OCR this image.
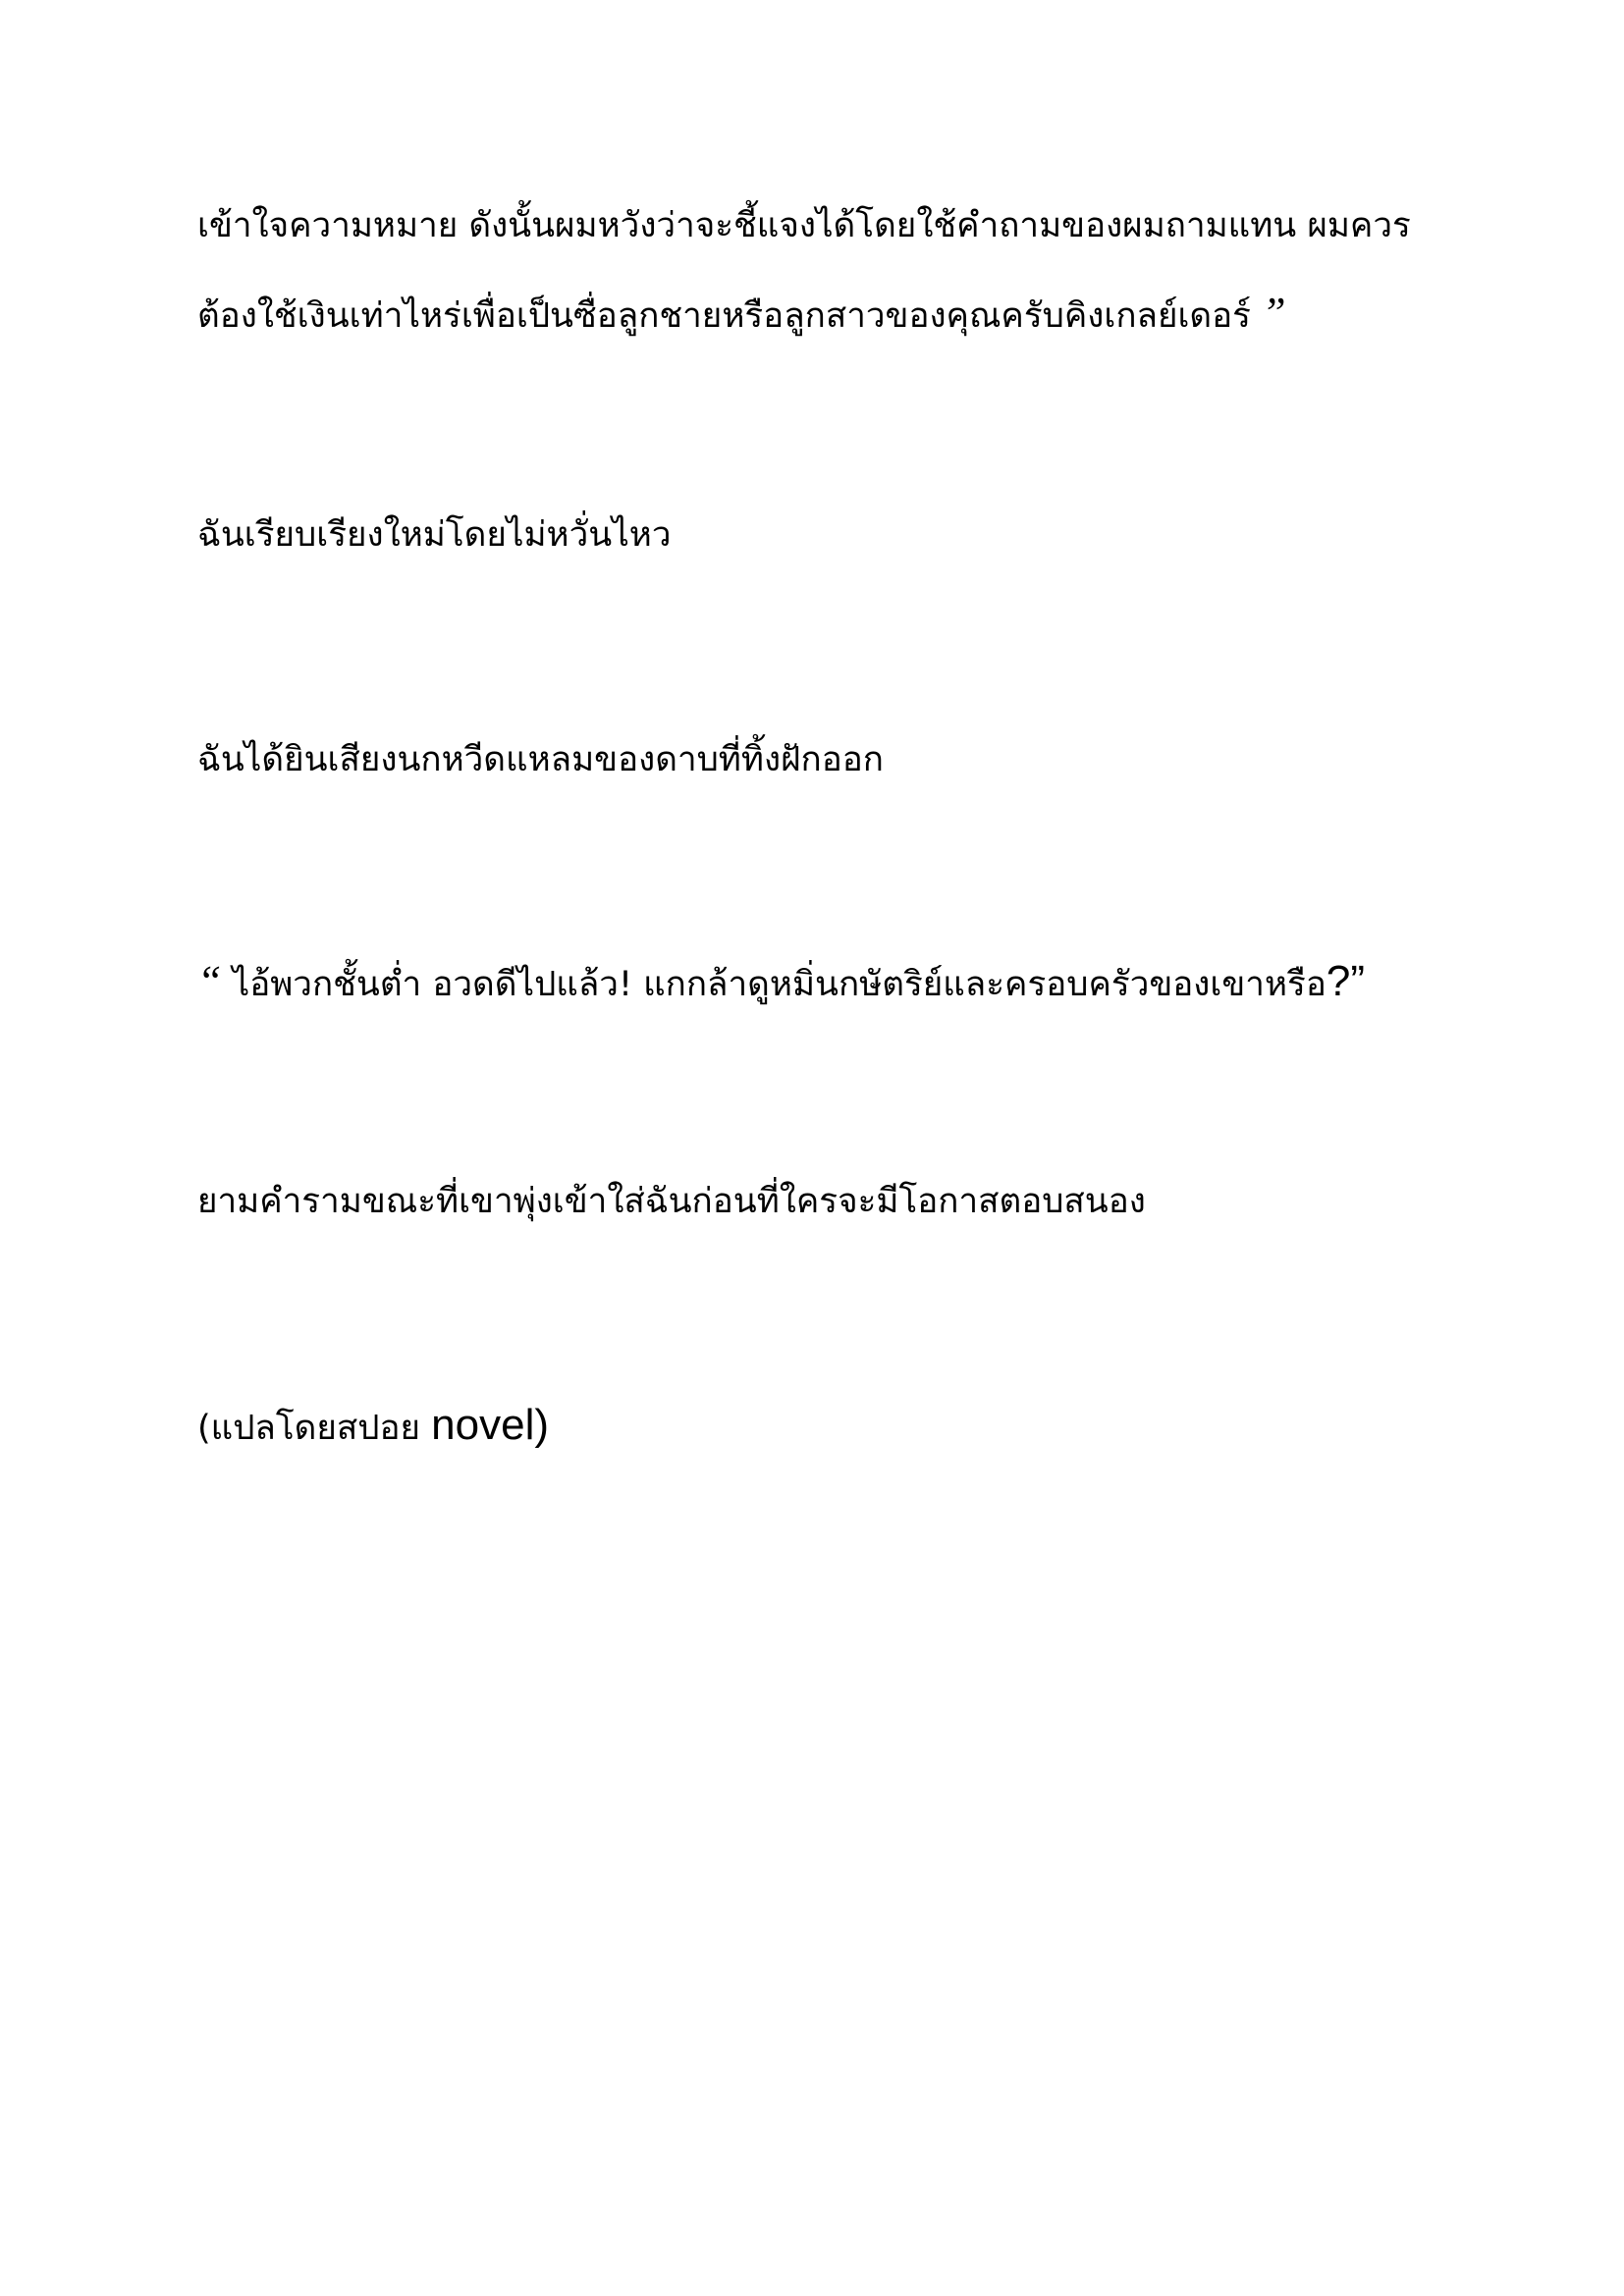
เข้าใจความหมาย ดังนั้นผมหวังว่าจะชี้แจงได้โดยใช้คำถามของผมถามแทน ผมควร

ต้องใช้เงินเท่าไหร่เพื่อเป็นซื่อลูกชายหรือลูกสาวของคุณครับคิงเกลย์เดอร์ ”

ฉันเรียบเรียงใหม่โดยไม่หวั่นไหว

ฉันได้ยินเสียงนกหวีดแหลมของดาบที่ทิ้งฝักออก

“ ไอ้พวกชั้นต่ำ อวดดีไปแล้ว! แกกล้าดูหมิ่นกษัตริย์และครอบครัวของเขาหรือ?”

ยามคำรามขณะที่เขาพุ่งเข้าใส่ฉันก่อนที่ใครจะมีโอกาสตอบสนอง

(แปลโดยสปอย novel)
